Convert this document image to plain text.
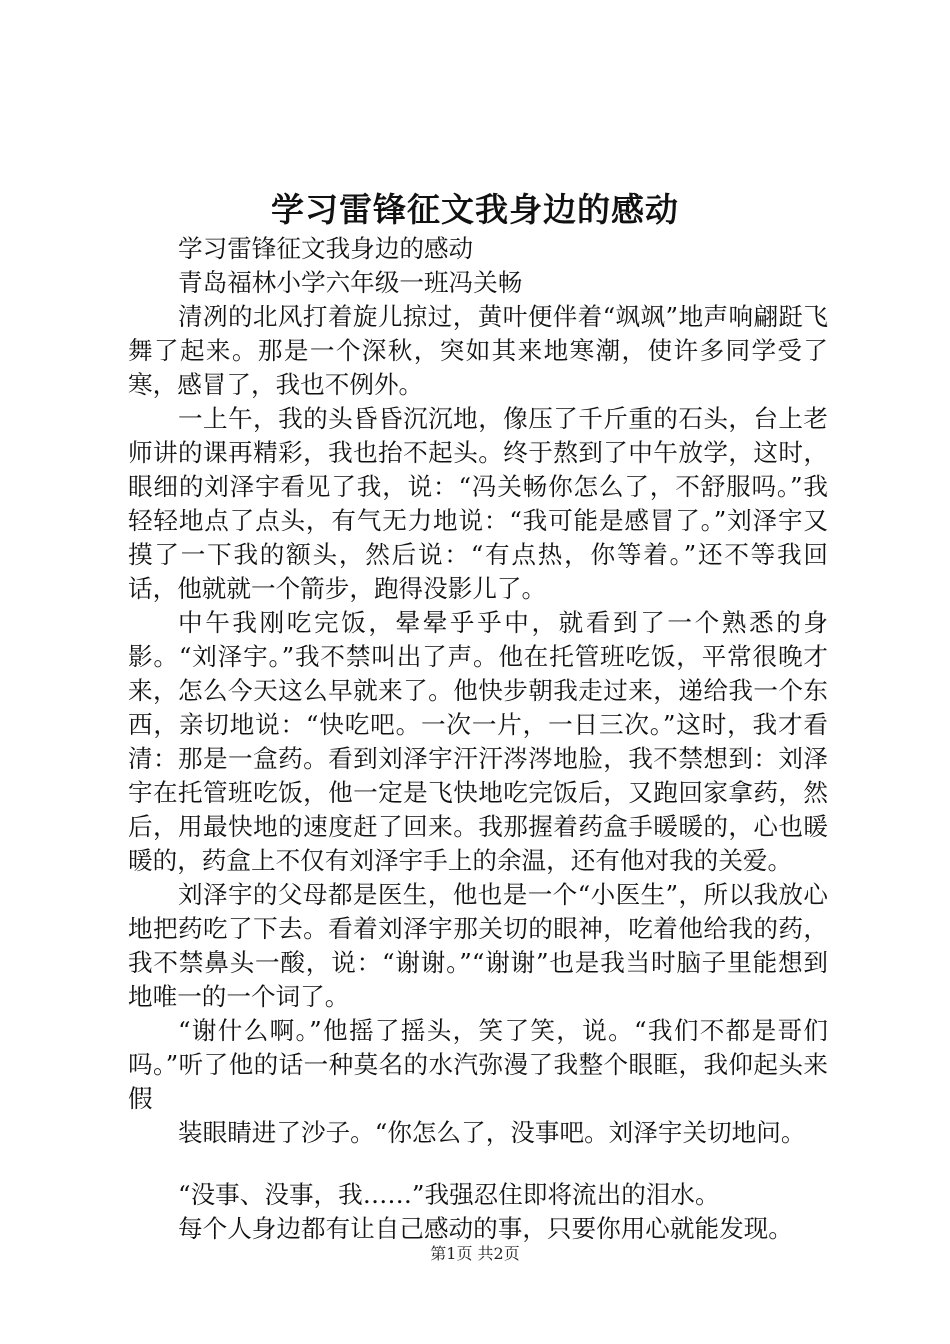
学习雷锋征文我身边的感动

学习雷锋征文我身边的感动

青岛福林小学六年级一班冯关畅

清冽的北风打着旋儿掠过，黄叶便伴着“飒飒”地声响翩跹飞舞了起来。那是一个深秋，突如其来地寒潮，使许多同学受了寒，感冒了，我也不例外。

一上午，我的头昏昏沉沉地，像压了千斤重的石头，台上老师讲的课再精彩，我也抬不起头。终于熬到了中午放学，这时，眼细的刘泽宇看见了我，说：“冯关畅你怎么了，不舒服吗。”我轻轻地点了点头，有气无力地说：“我可能是感冒了。”刘泽宇又摸了一下我的额头，然后说：“有点热，你等着。”还不等我回话，他就就一个箭步，跑得没影儿了。

中午我刚吃完饭，晕晕乎乎中，就看到了一个熟悉的身影。“刘泽宇。”我不禁叫出了声。他在托管班吃饭，平常很晚才来，怎么今天这么早就来了。他快步朝我走过来，递给我一个东西，亲切地说：“快吃吧。一次一片，一日三次。”这时，我才看清：那是一盒药。看到刘泽宇汗汗涔涔地脸，我不禁想到：刘泽宇在托管班吃饭，他一定是飞快地吃完饭后，又跑回家拿药，然后，用最快地的速度赶了回来。我那握着药盒手暖暖的，心也暖暖的，药盒上不仅有刘泽宇手上的余温，还有他对我的关爱。

刘泽宇的父母都是医生，他也是一个“小医生”，所以我放心地把药吃了下去。看着刘泽宇那关切的眼神，吃着他给我的药，我不禁鼻头一酸，说：“谢谢。”“谢谢”也是我当时脑子里能想到地唯一的一个词了。

“谢什么啊。”他摇了摇头，笑了笑，说。“我们不都是哥们吗。”听了他的话一种莫名的水汽弥漫了我整个眼眶，我仰起头来假

装眼睛进了沙子。“你怎么了，没事吧。刘泽宇关切地问。

“没事、没事，我……”我强忍住即将流出的泪水。

每个人身边都有让自己感动的事，只要你用心就能发现。

第1页 共2页
